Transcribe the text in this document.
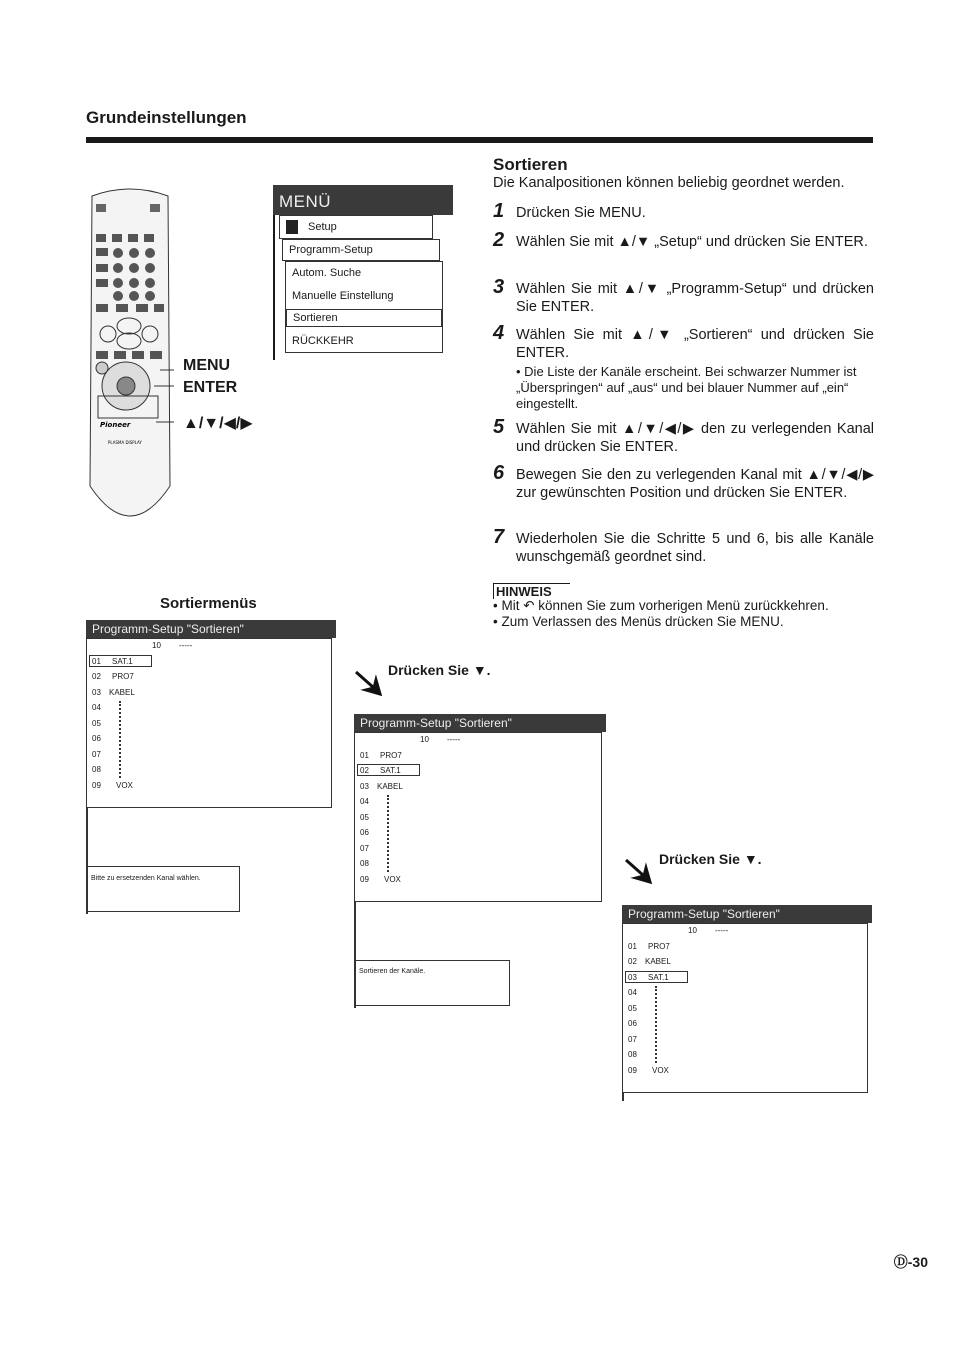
Grundeinstellungen
Pioneer
PLASMA DISPLAY
MENU
ENTER
▲/▼/◀/▶
MENÜ
Setup
Programm-Setup
Autom. Suche
Manuelle Einstellung
Sortieren
RÜCKKEHR
Sortieren
Die Kanalpositionen können beliebig geordnet werden.
1 Drücken Sie MENU.
2 Wählen Sie mit ▲/▼ „Setup“ und drücken Sie ENTER.
3 Wählen Sie mit ▲/▼ „Programm-Setup“ und drücken Sie ENTER.
4 Wählen Sie mit ▲/▼ „Sortieren“ und drücken Sie ENTER.
• Die Liste der Kanäle erscheint. Bei schwarzer Nummer ist „Überspringen“ auf „aus“ und bei blauer Nummer auf „ein“ eingestellt.
5 Wählen Sie mit ▲/▼/◀/▶ den zu verlegenden Kanal und drücken Sie ENTER.
6 Bewegen Sie den zu verlegenden Kanal mit ▲/▼/◀/▶ zur gewünschten Position und drücken Sie ENTER.
7 Wiederholen Sie die Schritte 5 und 6, bis alle Kanäle wunschgemäß geordnet sind.
HINWEIS
• Mit ↶ können Sie zum vorherigen Menü zurückkehren.
• Zum Verlassen des Menüs drücken Sie MENU.
Sortiermenüs
Programm-Setup "Sortieren"
10 -----
01 SAT.1
02 PRO7
03 KABEL
04
05
06
07
08
09 VOX
Bitte zu ersetzenden Kanal wählen.
Drücken Sie ▼.
Programm-Setup "Sortieren"
10 -----
01 PRO7
02 SAT.1
03 KABEL
04
05
06
07
08
09 VOX
Sortieren der Kanäle.
Drücken Sie ▼.
Programm-Setup "Sortieren"
10 -----
01 PRO7
02 KABEL
03 SAT.1
04
05
06
07
08
09 VOX
Ⓓ-30
